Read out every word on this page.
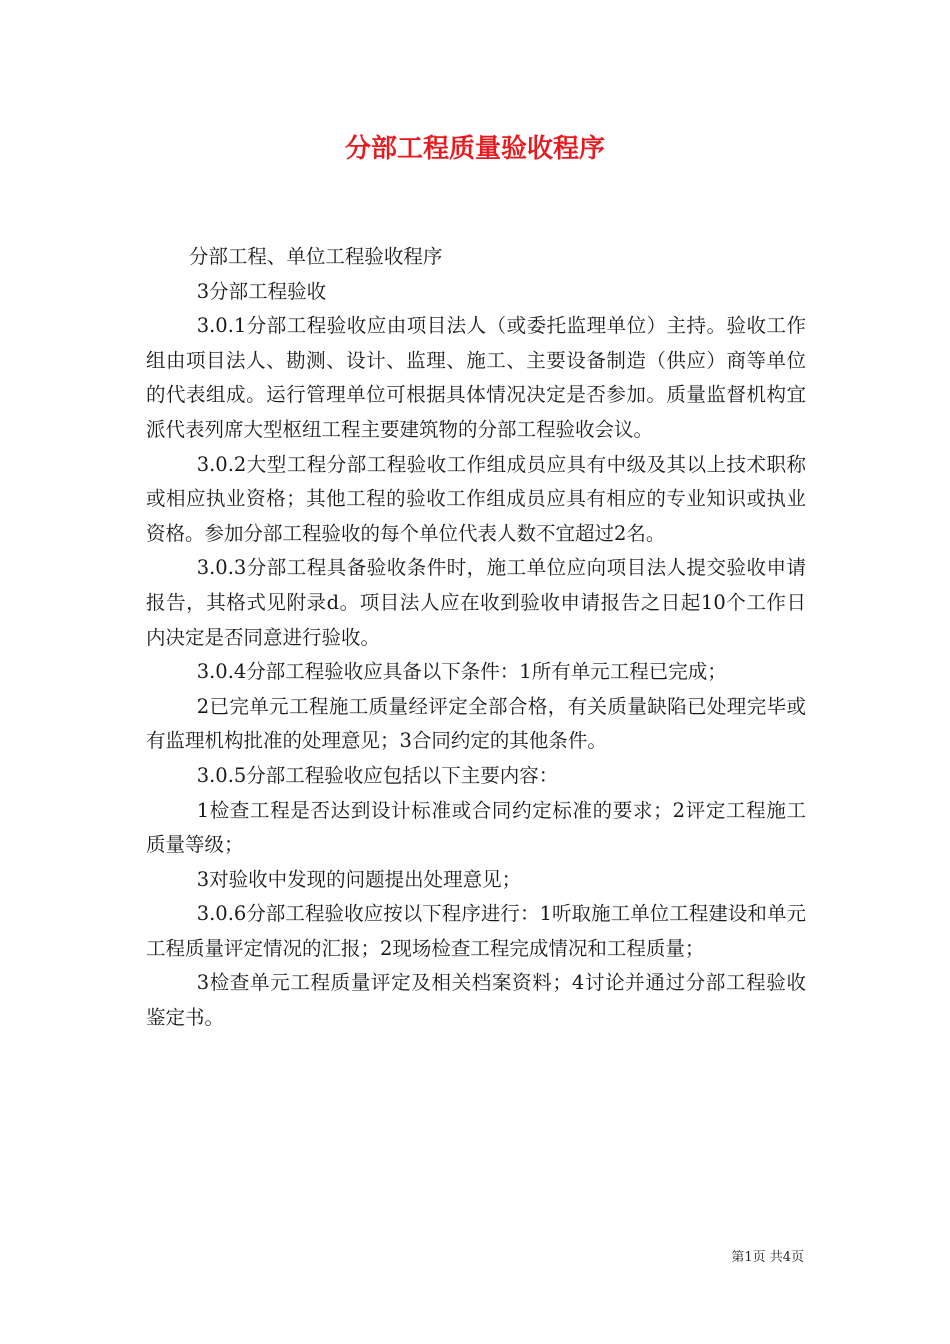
分部工程质量验收程序

分部工程、单位工程验收程序

3分部工程验收

3.0.1分部工程验收应由项目法人（或委托监理单位）主持。验收工作组由项目法人、勘测、设计、监理、施工、主要设备制造（供应）商等单位的代表组成。运行管理单位可根据具体情况决定是否参加。质量监督机构宜派代表列席大型枢纽工程主要建筑物的分部工程验收会议。

3.0.2大型工程分部工程验收工作组成员应具有中级及其以上技术职称或相应执业资格；其他工程的验收工作组成员应具有相应的专业知识或执业资格。参加分部工程验收的每个单位代表人数不宜超过2名。

3.0.3分部工程具备验收条件时，施工单位应向项目法人提交验收申请报告，其格式见附录d。项目法人应在收到验收申请报告之日起10个工作日内决定是否同意进行验收。

3.0.4分部工程验收应具备以下条件：1所有单元工程已完成；

2已完单元工程施工质量经评定全部合格，有关质量缺陷已处理完毕或有监理机构批准的处理意见；3合同约定的其他条件。

3.0.5分部工程验收应包括以下主要内容：

1检查工程是否达到设计标准或合同约定标准的要求；2评定工程施工质量等级；

3对验收中发现的问题提出处理意见；

3.0.6分部工程验收应按以下程序进行：1听取施工单位工程建设和单元工程质量评定情况的汇报；2现场检查工程完成情况和工程质量；

3检查单元工程质量评定及相关档案资料；4讨论并通过分部工程验收鉴定书。

第1页 共4页
